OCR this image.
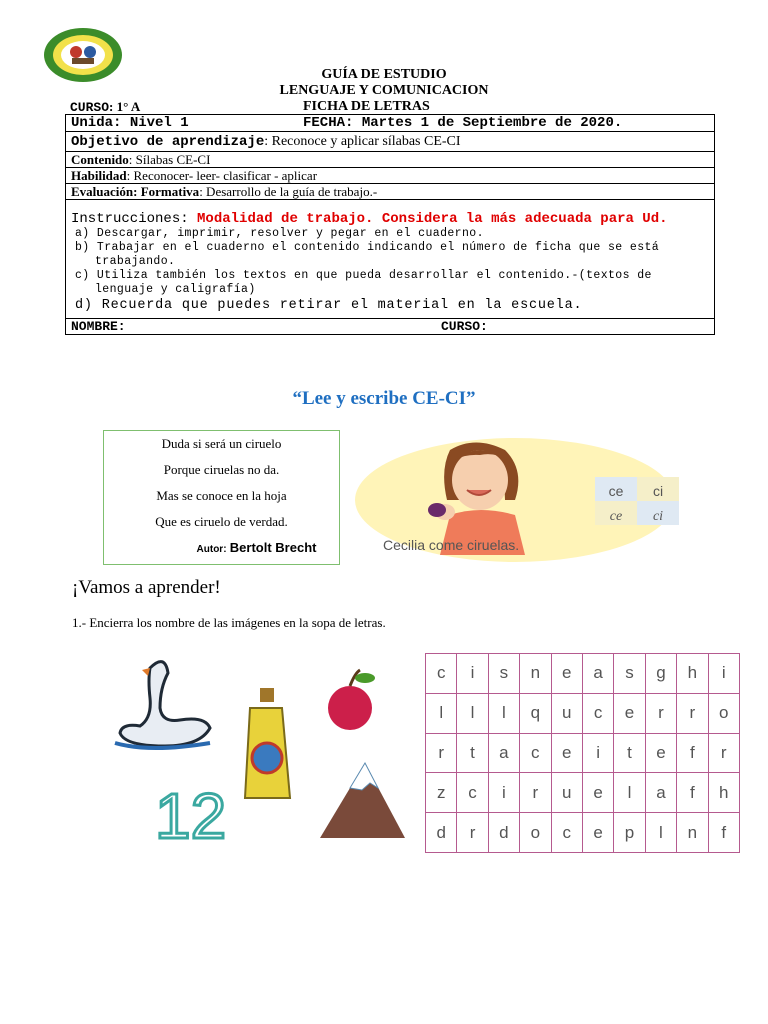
GUÍA DE ESTUDIO
LENGUAJE Y COMUNICACION
CURSO: 1° A	FICHA DE LETRAS
Unida: Nivel 1	FECHA: Martes 1 de Septiembre de 2020.
Objetivo de aprendizaje: Reconoce y aplicar sílabas CE-CI
Contenido: Sílabas CE-CI
Habilidad: Reconocer- leer- clasificar - aplicar
Evaluación: Formativa: Desarrollo de la guía de trabajo.-
Instrucciones: Modalidad de trabajo. Considera la más adecuada para Ud.
a) Descargar, imprimir, resolver y pegar en el cuaderno.
b) Trabajar en el cuaderno el contenido indicando el número de ficha que se está trabajando.
c) Utiliza también los textos en que pueda desarrollar el contenido.-(textos de lenguaje y caligrafía)
d) Recuerda que puedes retirar el material en la escuela.
NOMBRE:	CURSO:
“Lee y escribe CE-CI”
Duda si será un ciruelo
Porque ciruelas no da.
Mas se conoce en la hoja
Que es ciruelo de verdad.
Autor: Bertolt Brecht
ce ci
ce ci
Cecilia come ciruelas.
¡Vamos a aprender!
1.- Encierra los nombre de las imágenes en la sopa de letras.
12
c	i	s	n	e	a	s	g	h	i
l	l	l	q	u	c	e	r	r	o
r	t	a	c	e	i	t	e	f	r
z	c	i	r	u	e	l	a	f	h
d	r	d	o	c	e	p	l	n	f
